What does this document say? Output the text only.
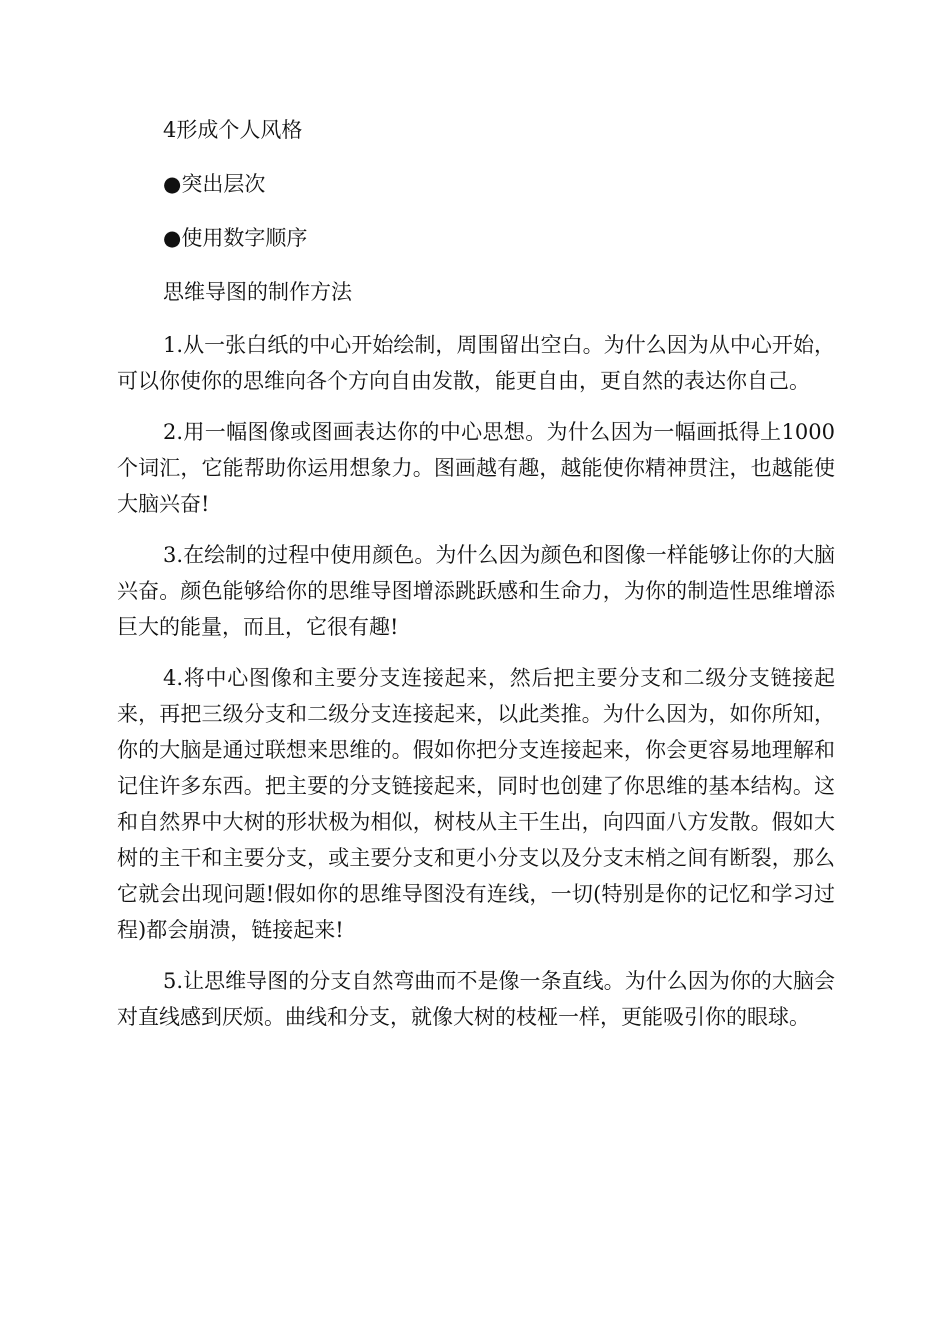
4形成个人风格

●突出层次

●使用数字顺序

思维导图的制作方法

1.从一张白纸的中心开始绘制，周围留出空白。为什么因为从中心开始，可以你使你的思维向各个方向自由发散，能更自由，更自然的表达你自己。

2.用一幅图像或图画表达你的中心思想。为什么因为一幅画抵得上1000个词汇，它能帮助你运用想象力。图画越有趣，越能使你精神贯注，也越能使大脑兴奋!

3.在绘制的过程中使用颜色。为什么因为颜色和图像一样能够让你的大脑兴奋。颜色能够给你的思维导图增添跳跃感和生命力，为你的制造性思维增添巨大的能量，而且，它很有趣!

4.将中心图像和主要分支连接起来，然后把主要分支和二级分支链接起来，再把三级分支和二级分支连接起来，以此类推。为什么因为，如你所知，你的大脑是通过联想来思维的。假如你把分支连接起来，你会更容易地理解和记住许多东西。把主要的分支链接起来，同时也创建了你思维的基本结构。这和自然界中大树的形状极为相似，树枝从主干生出，向四面八方发散。假如大树的主干和主要分支，或主要分支和更小分支以及分支末梢之间有断裂，那么它就会出现问题!假如你的思维导图没有连线，一切(特别是你的记忆和学习过程)都会崩溃，链接起来!

5.让思维导图的分支自然弯曲而不是像一条直线。为什么因为你的大脑会对直线感到厌烦。曲线和分支，就像大树的枝桠一样，更能吸引你的眼球。
